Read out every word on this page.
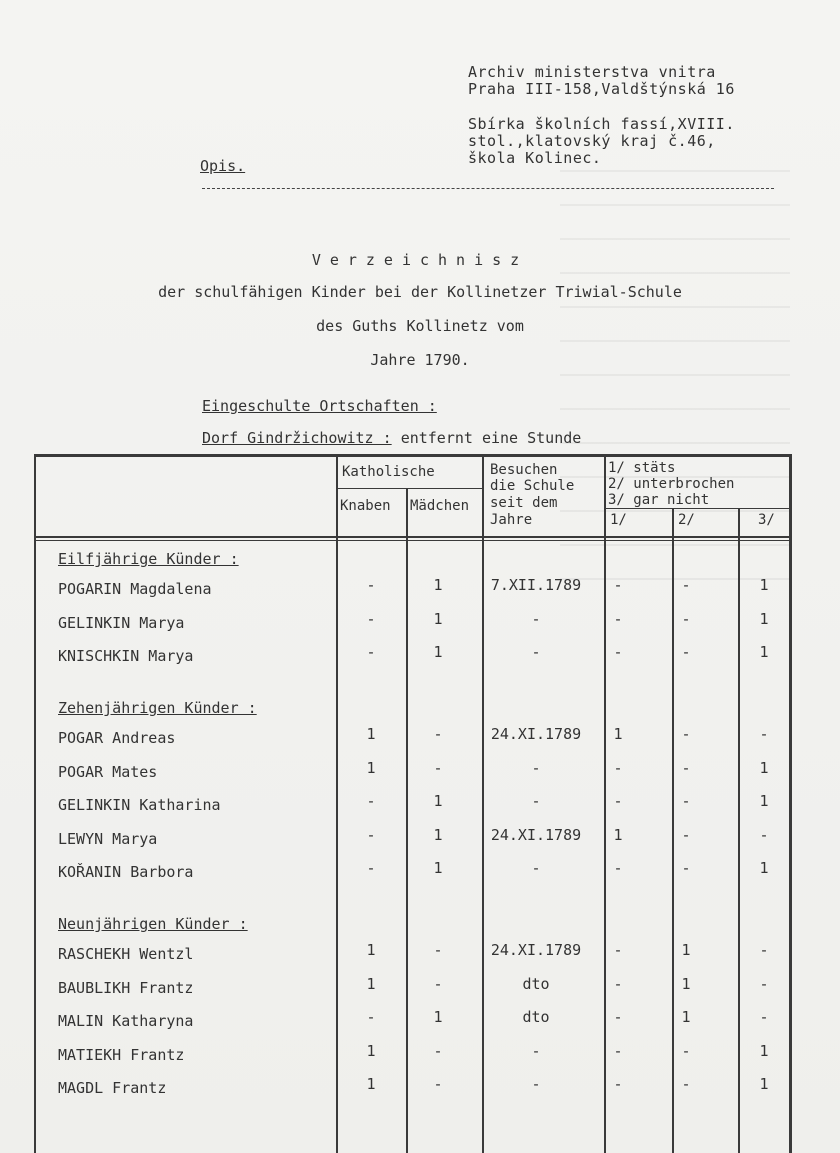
Archiv ministerstva vnitra
Praha III-158,Valdštýnská 16
Sbírka školních fassí,XVIII.
stol.,klatovský kraj č.46,
škola Kolinec.
Opis.
Verzeichnisz
der schulfähigen Kinder bei der Kollinetzer Triwial-Schule
des Guths Kollinetz vom
Jahre 1790.
Eingeschulte Ortschaften :
Dorf Gindržichowitz : entfernt eine Stunde
Katholische
Knaben Mädchen
Besuchen
die Schule
seit dem
Jahre
1/ stäts
2/ unterbrochen
3/ gar nicht
1/	2/	3/
Eilfjährige Künder :
POGARIN Magdalena	-	1	7.XII.1789	-	-	1
GELINKIN Marya	-	1	-	-	-	1
KNISCHKIN Marya	-	1	-	-	-	1
Zehenjährigen Künder :
POGAR Andreas	1	-	24.XI.1789	1	-	-
POGAR Mates	1	-	-	-	-	1
GELINKIN Katharina	-	1	-	-	-	1
LEWYN Marya	-	1	24.XI.1789	1	-	-
KOŘANIN Barbora	-	1	-	-	-	1
Neunjährigen Künder :
RASCHEKH Wentzl	1	-	24.XI.1789	-	1	-
BAUBLIKH Frantz	1	-	dto	-	1	-
MALIN Katharyna	-	1	dto	-	1	-
MATIEKH Frantz	1	-	-	-	-	1
MAGDL Frantz	1	-	-	-	-	1
